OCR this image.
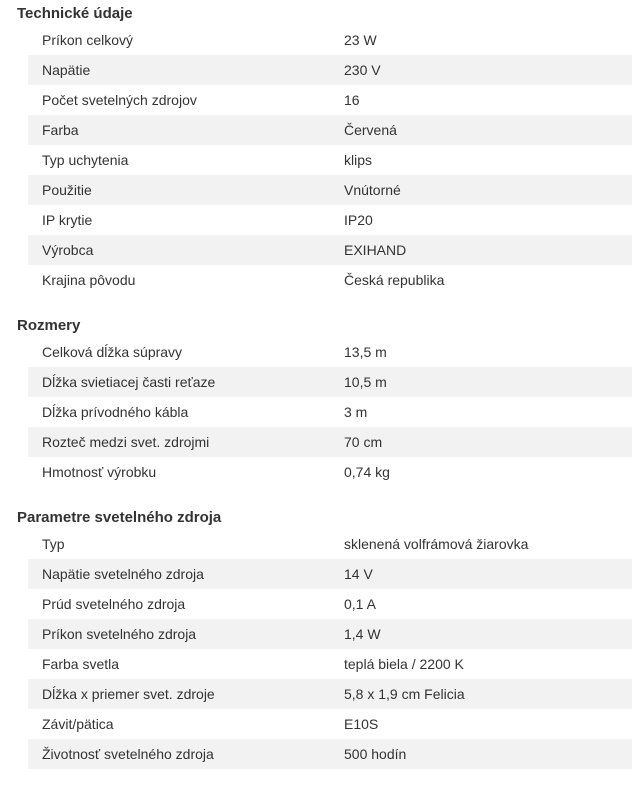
Technické údaje
Príkon celkový	23 W
Napätie	230 V
Počet svetelných zdrojov	16
Farba	Červená
Typ uchytenia	klips
Použitie	Vnútorné
IP krytie	IP20
Výrobca	EXIHAND
Krajina pôvodu	Česká republika
Rozmery
Celková dĺžka súpravy	13,5 m
Dĺžka svietiacej časti reťaze	10,5 m
Dĺžka prívodného kábla	3 m
Rozteč medzi svet. zdrojmi	70 cm
Hmotnosť výrobku	0,74 kg
Parametre svetelného zdroja
Typ	sklenená volfrámová žiarovka
Napätie svetelného zdroja	14 V
Prúd svetelného zdroja	0,1 A
Príkon svetelného zdroja	1,4 W
Farba svetla	teplá biela / 2200 K
Dĺžka x priemer svet. zdroje	5,8 x 1,9 cm Felicia
Závit/pätica	E10S
Životnosť svetelného zdroja	500 hodín
